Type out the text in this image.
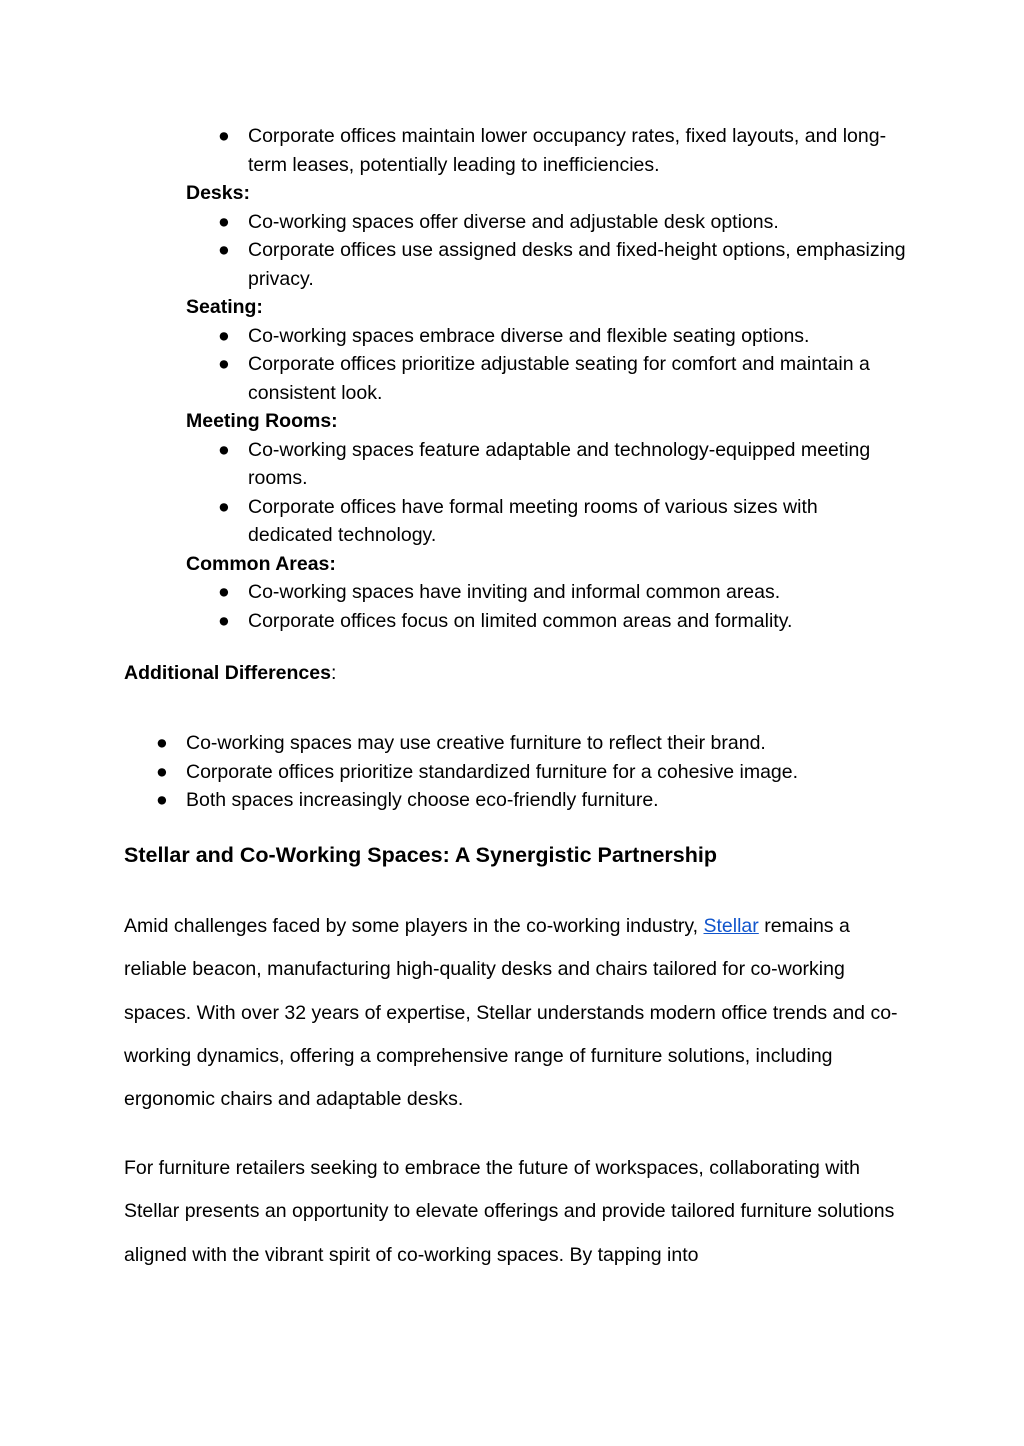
● Corporate offices maintain lower occupancy rates, fixed layouts, and long-term leases, potentially leading to inefficiencies.

Desks:

● Co-working spaces offer diverse and adjustable desk options.
● Corporate offices use assigned desks and fixed-height options, emphasizing privacy.

Seating:

● Co-working spaces embrace diverse and flexible seating options.
● Corporate offices prioritize adjustable seating for comfort and maintain a consistent look.

Meeting Rooms:

● Co-working spaces feature adaptable and technology-equipped meeting rooms.
● Corporate offices have formal meeting rooms of various sizes with dedicated technology.

Common Areas:

● Co-working spaces have inviting and informal common areas.
● Corporate offices focus on limited common areas and formality.
Additional Differences:
● Co-working spaces may use creative furniture to reflect their brand.
● Corporate offices prioritize standardized furniture for a cohesive image.
● Both spaces increasingly choose eco-friendly furniture.
Stellar and Co-Working Spaces: A Synergistic Partnership

Amid challenges faced by some players in the co-working industry, Stellar remains a reliable beacon, manufacturing high-quality desks and chairs tailored for co-working spaces. With over 32 years of expertise, Stellar understands modern office trends and co-working dynamics, offering a comprehensive range of furniture solutions, including ergonomic chairs and adaptable desks.

For furniture retailers seeking to embrace the future of workspaces, collaborating with Stellar presents an opportunity to elevate offerings and provide tailored furniture solutions aligned with the vibrant spirit of co-working spaces. By tapping into
